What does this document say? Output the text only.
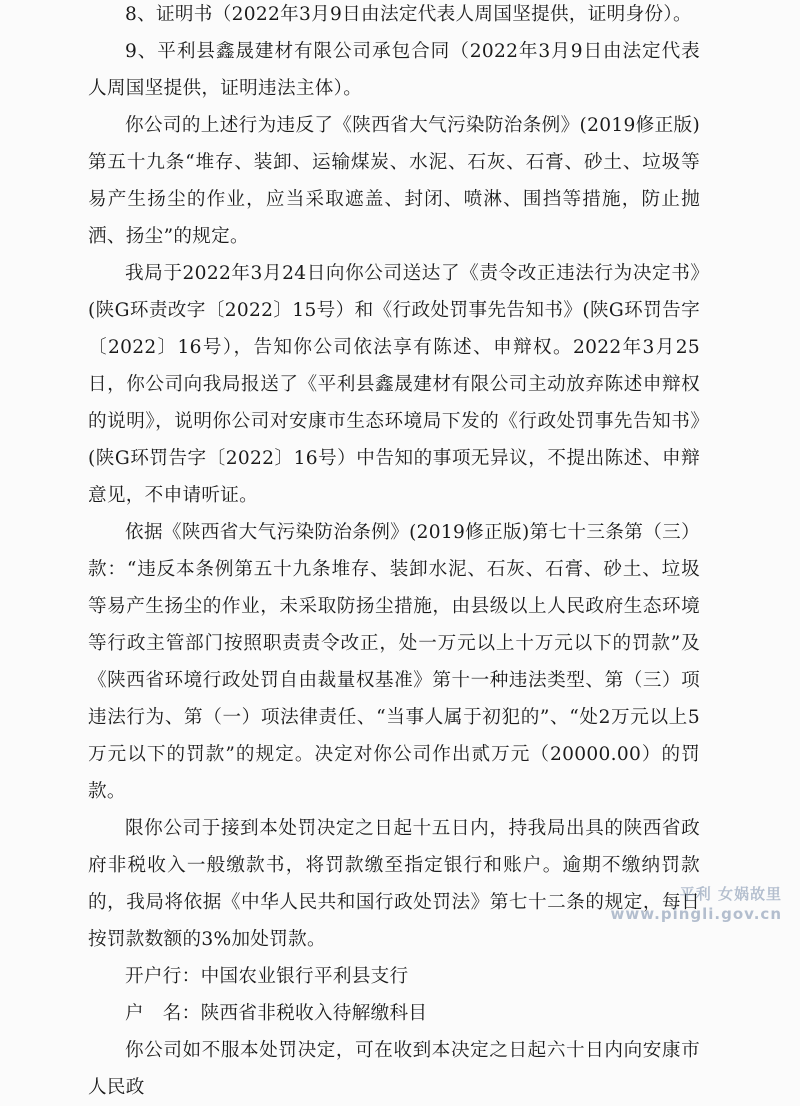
8、证明书（2022年3月9日由法定代表人周国坚提供，证明身份）。

9、平利县鑫晟建材有限公司承包合同（2022年3月9日由法定代表人周国坚提供，证明违法主体）。

你公司的上述行为违反了《陕西省大气污染防治条例》(2019修正版)第五十九条“堆存、装卸、运输煤炭、水泥、石灰、石膏、砂土、垃圾等易产生扬尘的作业，应当采取遮盖、封闭、喷淋、围挡等措施，防止抛洒、扬尘”的规定。

我局于2022年3月24日向你公司送达了《责令改正违法行为决定书》(陕G环责改字〔2022〕15号）和《行政处罚事先告知书》(陕G环罚告字〔2022〕16号），告知你公司依法享有陈述、申辩权。2022年3月25日，你公司向我局报送了《平利县鑫晟建材有限公司主动放弃陈述申辩权的说明》，说明你公司对安康市生态环境局下发的《行政处罚事先告知书》(陕G环罚告字〔2022〕16号）中告知的事项无异议，不提出陈述、申辩意见，不申请听证。

依据《陕西省大气污染防治条例》(2019修正版)第七十三条第（三）款：“违反本条例第五十九条堆存、装卸水泥、石灰、石膏、砂土、垃圾等易产生扬尘的作业，未采取防扬尘措施，由县级以上人民政府生态环境等行政主管部门按照职责责令改正，处一万元以上十万元以下的罚款”及《陕西省环境行政处罚自由裁量权基准》第十一种违法类型、第（三）项违法行为、第（一）项法律责任、“当事人属于初犯的”、“处2万元以上5万元以下的罚款”的规定。决定对你公司作出贰万元（20000.00）的罚款。

限你公司于接到本处罚决定之日起十五日内，持我局出具的陕西省政府非税收入一般缴款书，将罚款缴至指定银行和账户。逾期不缴纳罚款的，我局将依据《中华人民共和国行政处罚法》第七十二条的规定，每日按罚款数额的3%加处罚款。

开户行：中国农业银行平利县支行

户　名：陕西省非税收入待解缴科目

你公司如不服本处罚决定，可在收到本决定之日起六十日内向安康市人民政

平利 女娲故里
www.pingli.gov.cn
